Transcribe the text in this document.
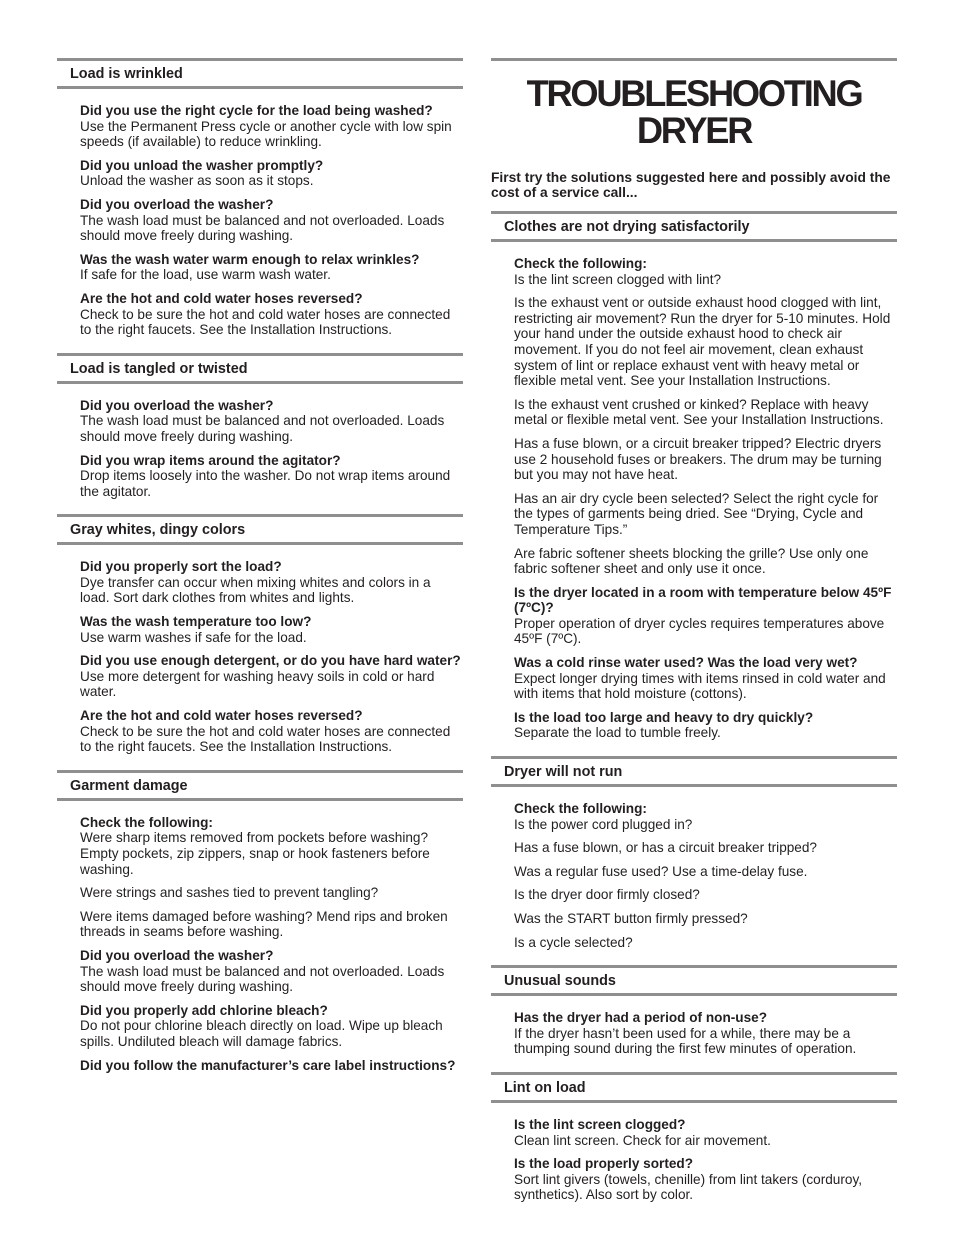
Load is wrinkled
Did you use the right cycle for the load being washed?
Use the Permanent Press cycle or another cycle with low spin speeds (if available) to reduce wrinkling.
Did you unload the washer promptly?
Unload the washer as soon as it stops.
Did you overload the washer?
The wash load must be balanced and not overloaded. Loads should move freely during washing.
Was the wash water warm enough to relax wrinkles?
If safe for the load, use warm wash water.
Are the hot and cold water hoses reversed?
Check to be sure the hot and cold water hoses are connected to the right faucets. See the Installation Instructions.
Load is tangled or twisted
Did you overload the washer?
The wash load must be balanced and not overloaded. Loads should move freely during washing.
Did you wrap items around the agitator?
Drop items loosely into the washer. Do not wrap items around the agitator.
Gray whites, dingy colors
Did you properly sort the load?
Dye transfer can occur when mixing whites and colors in a load. Sort dark clothes from whites and lights.
Was the wash temperature too low?
Use warm washes if safe for the load.
Did you use enough detergent, or do you have hard water?
Use more detergent for washing heavy soils in cold or hard water.
Are the hot and cold water hoses reversed?
Check to be sure the hot and cold water hoses are connected to the right faucets. See the Installation Instructions.
Garment damage
Check the following:
Were sharp items removed from pockets before washing? Empty pockets, zip zippers, snap or hook fasteners before washing.
Were strings and sashes tied to prevent tangling?
Were items damaged before washing? Mend rips and broken threads in seams before washing.
Did you overload the washer?
The wash load must be balanced and not overloaded. Loads should move freely during washing.
Did you properly add chlorine bleach?
Do not pour chlorine bleach directly on load. Wipe up bleach spills. Undiluted bleach will damage fabrics.
Did you follow the manufacturer’s care label instructions?
TROUBLESHOOTING
DRYER
First try the solutions suggested here and possibly avoid the cost of a service call...
Clothes are not drying satisfactorily
Check the following:
Is the lint screen clogged with lint?
Is the exhaust vent or outside exhaust hood clogged with lint, restricting air movement? Run the dryer for 5-10 minutes. Hold your hand under the outside exhaust hood to check air movement. If you do not feel air movement, clean exhaust system of lint or replace exhaust vent with heavy metal or flexible metal vent. See your Installation Instructions.
Is the exhaust vent crushed or kinked? Replace with heavy metal or flexible metal vent. See your Installation Instructions.
Has a fuse blown, or a circuit breaker tripped? Electric dryers use 2 household fuses or breakers. The drum may be turning but you may not have heat.
Has an air dry cycle been selected? Select the right cycle for the types of garments being dried. See “Drying, Cycle and Temperature Tips.”
Are fabric softener sheets blocking the grille? Use only one fabric softener sheet and only use it once.
Is the dryer located in a room with temperature below 45ºF (7ºC)?
Proper operation of dryer cycles requires temperatures above 45ºF (7ºC).
Was a cold rinse water used? Was the load very wet?
Expect longer drying times with items rinsed in cold water and with items that hold moisture (cottons).
Is the load too large and heavy to dry quickly?
Separate the load to tumble freely.
Dryer will not run
Check the following:
Is the power cord plugged in?
Has a fuse blown, or has a circuit breaker tripped?
Was a regular fuse used? Use a time-delay fuse.
Is the dryer door firmly closed?
Was the START button firmly pressed?
Is a cycle selected?
Unusual sounds
Has the dryer had a period of non-use?
If the dryer hasn’t been used for a while, there may be a thumping sound during the first few minutes of operation.
Lint on load
Is the lint screen clogged?
Clean lint screen. Check for air movement.
Is the load properly sorted?
Sort lint givers (towels, chenille) from lint takers (corduroy, synthetics). Also sort by color.
